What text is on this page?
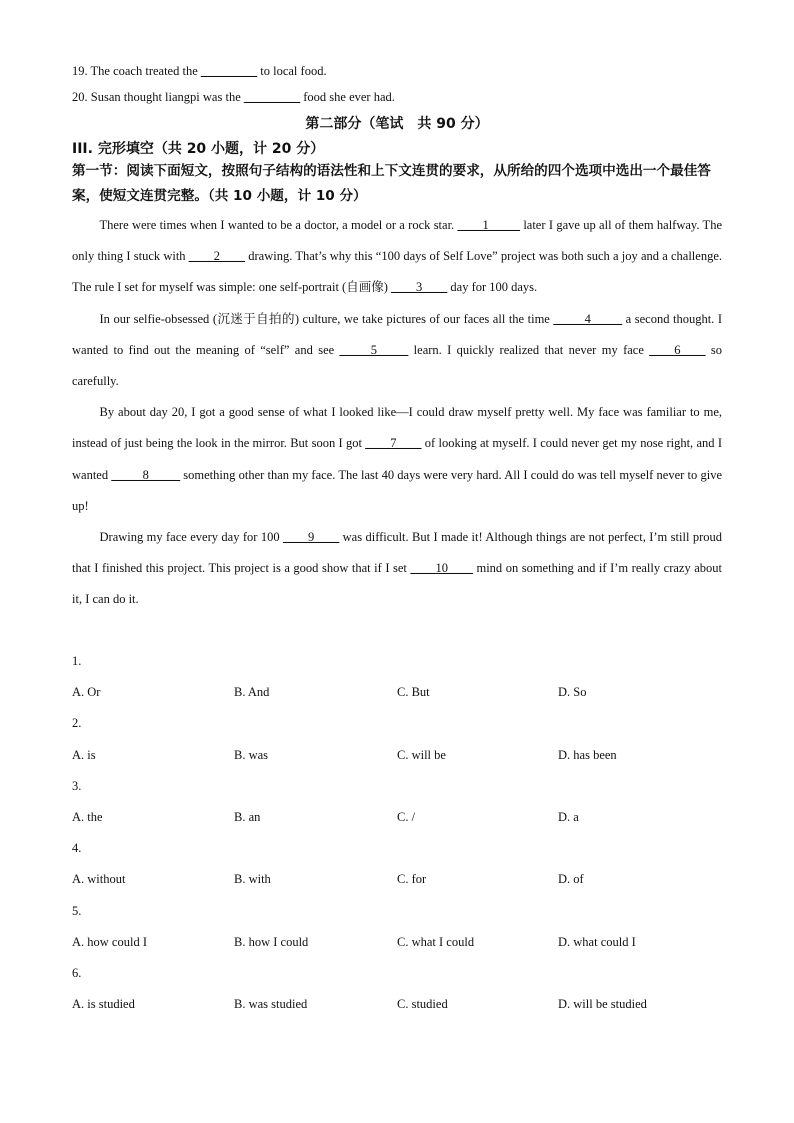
19. The coach treated the _________ to local food.
20. Susan thought liangpi was the _________ food she ever had.
第二部分（笔试　共 90 分）
III. 完形填空（共 20 小题，计 20 分）
第一节：阅读下面短文，按照句子结构的语法性和上下文连贯的要求，从所给的四个选项中选出一个最佳答案，使短文连贯完整。（共 10 小题，计 10 分）

There were times when I wanted to be a doctor, a model or a rock star. ____1_____ later I gave up all of them halfway. The only thing I stuck with ____2____ drawing. That’s why this “100 days of Self Love” project was both such a joy and a challenge. The rule I set for myself was simple: one self-portrait (自画像) ____3____ day for 100 days.

In our selfie-obsessed (沉迷于自拍的) culture, we take pictures of our faces all the time _____4_____ a second thought. I wanted to find out the meaning of “self” and see _____5_____ learn. I quickly realized that never my face ____6____ so carefully.

By about day 20, I got a good sense of what I looked like—I could draw myself pretty well. My face was familiar to me, instead of just being the look in the mirror. But soon I got ____7____ of looking at myself. I could never get my nose right, and I wanted _____8_____ something other than my face. The last 40 days were very hard. All I could do was tell myself never to give up!

Drawing my face every day for 100 ____9____ was difficult. But I made it! Although things are not perfect, I’m still proud that I finished this project. This project is a good show that if I set ____10____ mind on something and if I’m really crazy about it, I can do it.

1.
A. Or	B. And	C. But	D. So
2.
A. is	B. was	C. will be	D. has been
3.
A. the	B. an	C. /	D. a
4.
A. without	B. with	C. for	D. of
5.
A. how could I	B. how I could	C. what I could	D. what could I
6.
A. is studied	B. was studied	C. studied	D. will be studied
